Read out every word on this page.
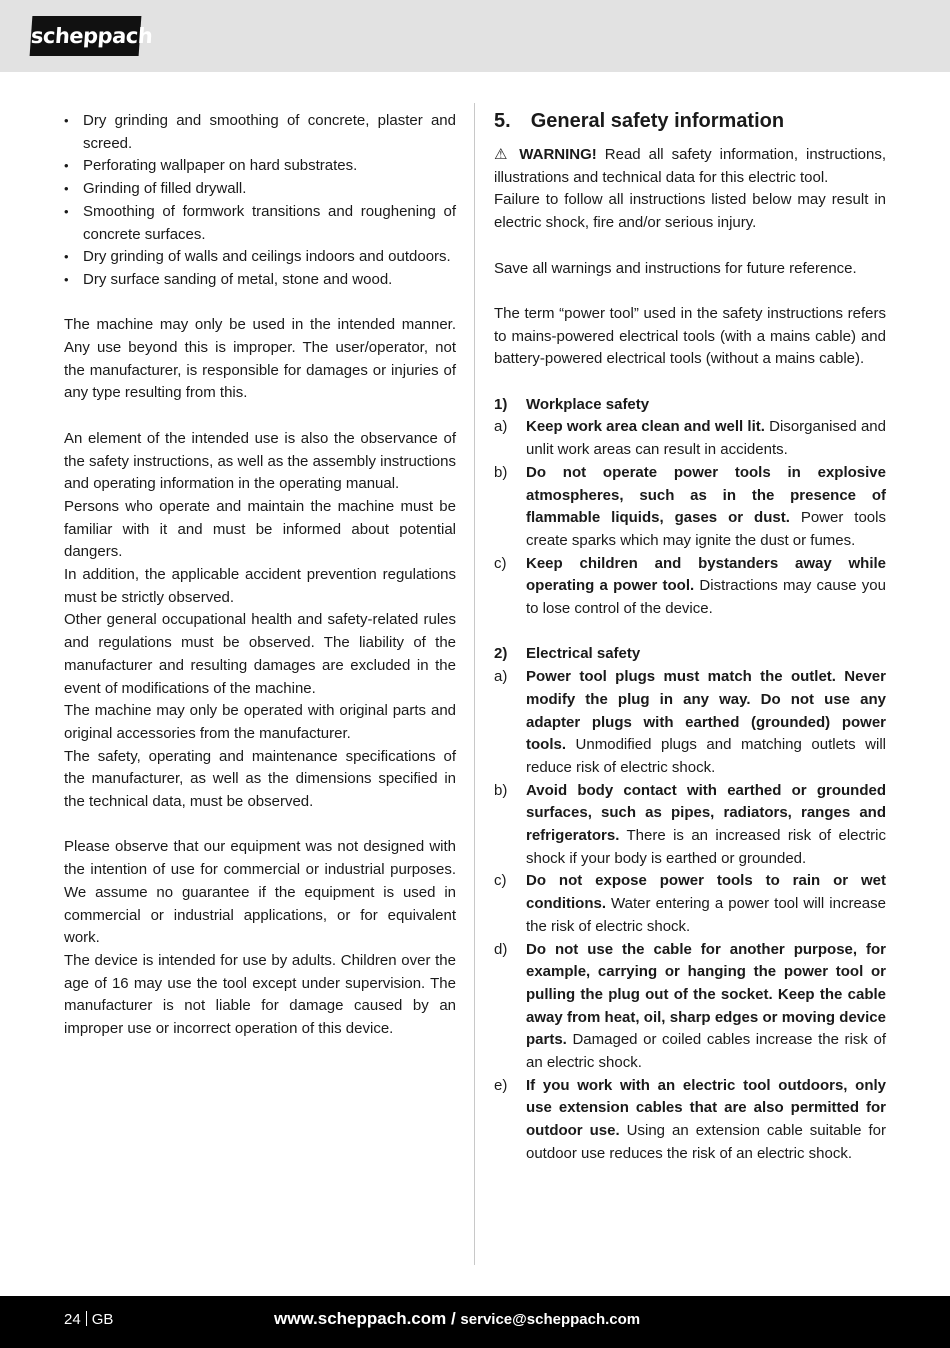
scheppach
• Dry grinding and smoothing of concrete, plaster and screed.
• Perforating wallpaper on hard substrates.
• Grinding of filled drywall.
• Smoothing of formwork transitions and roughening of concrete surfaces.
• Dry grinding of walls and ceilings indoors and outdoors.
• Dry surface sanding of metal, stone and wood.

The machine may only be used in the intended manner. Any use beyond this is improper. The user/operator, not the manufacturer, is responsible for damages or injuries of any type resulting from this.

An element of the intended use is also the observance of the safety instructions, as well as the assembly instructions and operating information in the operating manual.

Persons who operate and maintain the machine must be familiar with it and must be informed about potential dangers.

In addition, the applicable accident prevention regulations must be strictly observed.

Other general occupational health and safety-related rules and regulations must be observed. The liability of the manufacturer and resulting damages are excluded in the event of modifications of the machine.

The machine may only be operated with original parts and original accessories from the manufacturer.

The safety, operating and maintenance specifications of the manufacturer, as well as the dimensions specified in the technical data, must be observed.

Please observe that our equipment was not designed with the intention of use for commercial or industrial purposes. We assume no guarantee if the equipment is used in commercial or industrial applications, or for equivalent work.

The device is intended for use by adults. Children over the age of 16 may use the tool except under supervision. The manufacturer is not liable for damage caused by an improper use or incorrect operation of this device.

5. General safety information

⚠ WARNING! Read all safety information, instructions, illustrations and technical data for this electric tool.

Failure to follow all instructions listed below may result in electric shock, fire and/or serious injury.

Save all warnings and instructions for future reference.

The term “power tool” used in the safety instructions refers to mains-powered electrical tools (with a mains cable) and battery-powered electrical tools (without a mains cable).

1)	Workplace safety
a)	Keep work area clean and well lit. Disorganised and unlit work areas can result in accidents.
b)	Do not operate power tools in explosive atmospheres, such as in the presence of flammable liquids, gases or dust. Power tools create sparks which may ignite the dust or fumes.
c)	Keep children and bystanders away while operating a power tool. Distractions may cause you to lose control of the device.
2)	Electrical safety
a)	Power tool plugs must match the outlet. Never modify the plug in any way. Do not use any adapter plugs with earthed (grounded) power tools. Unmodified plugs and matching outlets will reduce risk of electric shock.
b)	Avoid body contact with earthed or grounded surfaces, such as pipes, radiators, ranges and refrigerators. There is an increased risk of electric shock if your body is earthed or grounded.
c)	Do not expose power tools to rain or wet conditions. Water entering a power tool will increase the risk of electric shock.
d)	Do not use the cable for another purpose, for example, carrying or hanging the power tool or pulling the plug out of the socket. Keep the cable away from heat, oil, sharp edges or moving device parts. Damaged or coiled cables increase the risk of an electric shock.
e)	If you work with an electric tool outdoors, only use extension cables that are also permitted for outdoor use. Using an extension cable suitable for outdoor use reduces the risk of an electric shock.
24 GB	www.scheppach.com / service@scheppach.com
